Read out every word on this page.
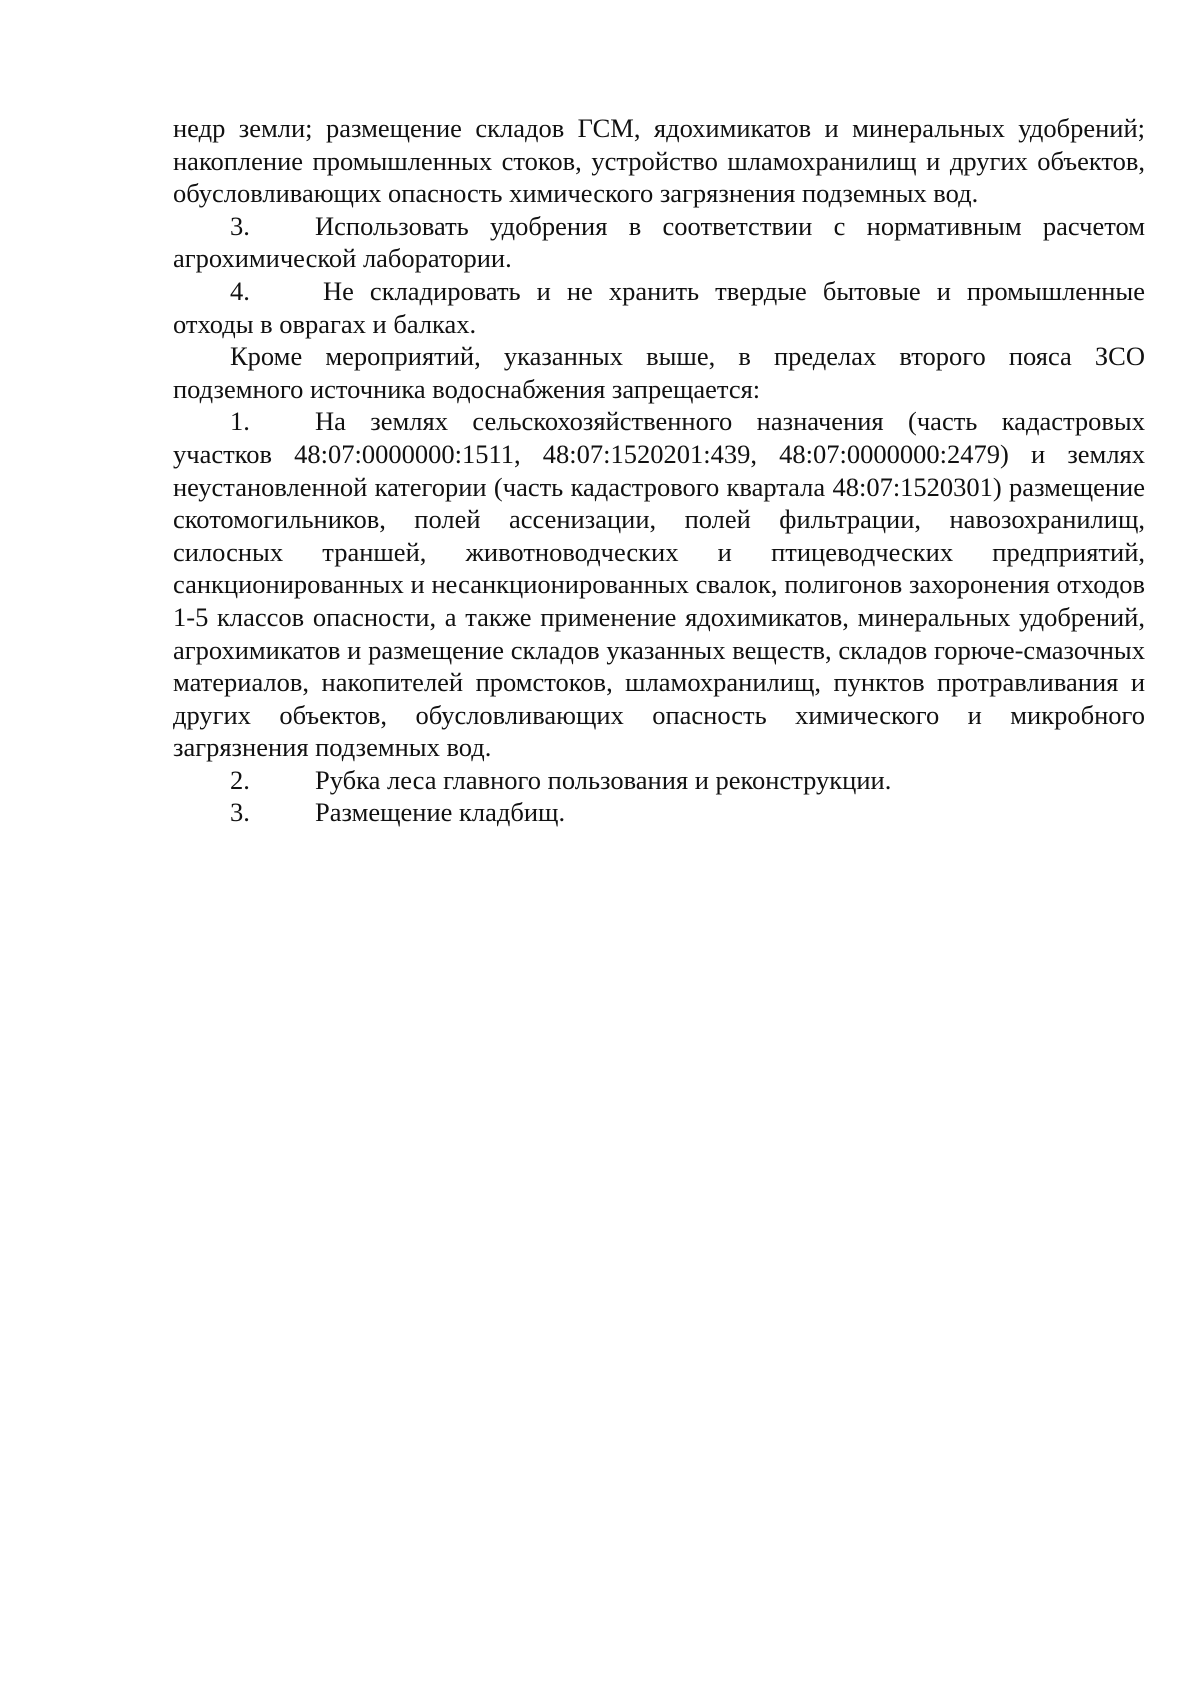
недр земли; размещение складов ГСМ, ядохимикатов и минеральных удобрений; накопление промышленных стоков, устройство шламохранилищ и других объектов, обусловливающих опасность химического загрязнения подземных вод.

3. Использовать удобрения в соответствии с нормативным расчетом агрохимической лаборатории.

4.	Не складировать и не хранить твердые бытовые и промышленные отходы в оврагах и балках.

Кроме мероприятий, указанных выше, в пределах второго пояса ЗСО подземного источника водоснабжения запрещается:

1. На землях сельскохозяйственного назначения (часть кадастровых участков 48:07:0000000:1511, 48:07:1520201:439, 48:07:0000000:2479) и землях неустановленной категории (часть кадастрового квартала 48:07:1520301) размещение скотомогильников, полей ассенизации, полей фильтрации, навозохранилищ, силосных траншей, животноводческих и птицеводческих предприятий, санкционированных и несанкционированных свалок, полигонов захоронения отходов 1-5 классов опасности, а также применение ядохимикатов, минеральных удобрений, агрохимикатов и размещение складов указанных веществ, складов горюче-смазочных материалов, накопителей промстоков, шламохранилищ, пунктов протравливания и других объектов, обусловливающих опасность химического и микробного загрязнения подземных вод.

2. Рубка леса главного пользования и реконструкции.

3. Размещение кладбищ.
